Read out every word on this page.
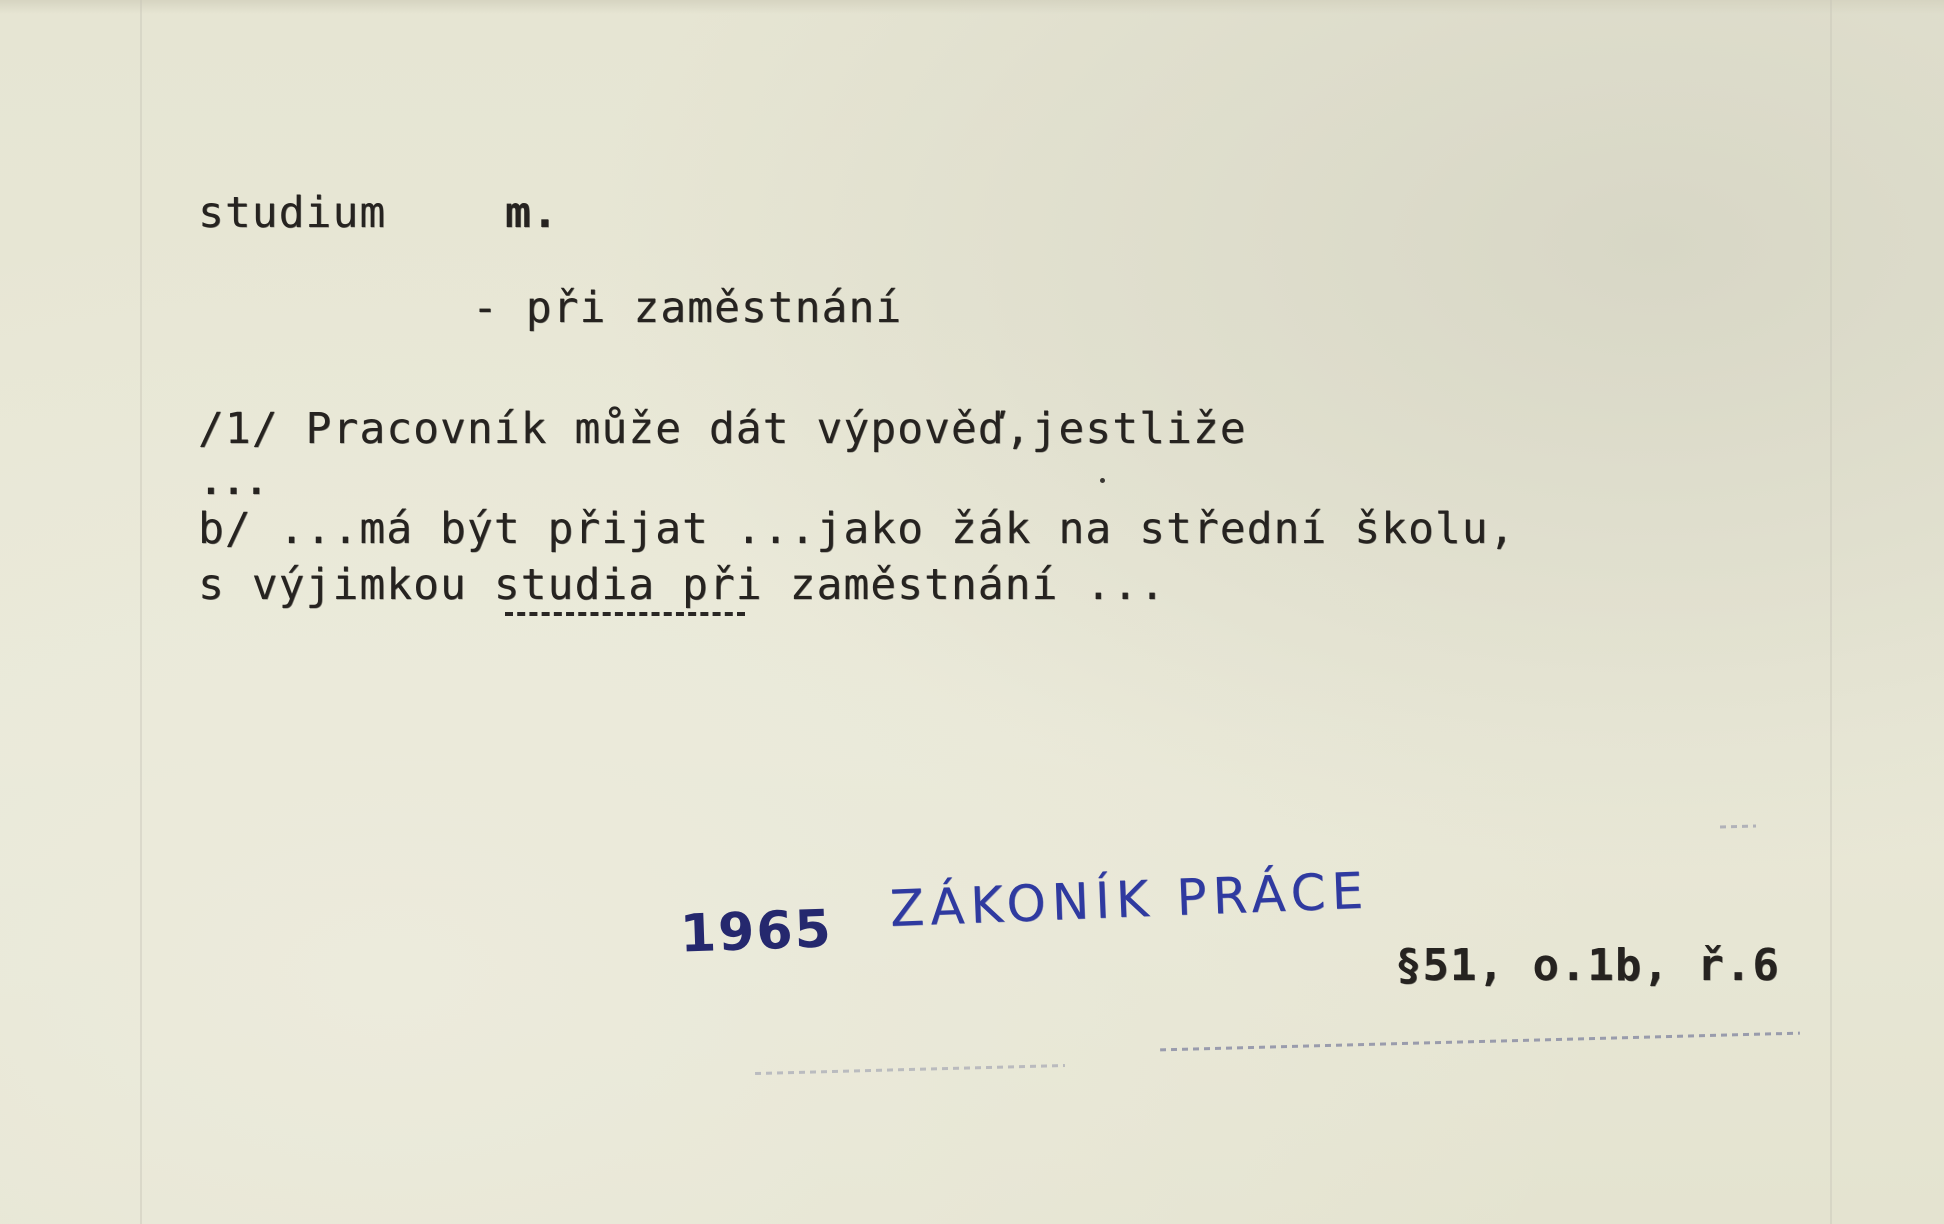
studium	m.
- při zaměstnání
/1/ Pracovník může dát výpověď,jestliže
...
b/ ...má být přijat ...jako žák na střední školu,
s výjimkou studia při zaměstnání ...
1965 ZÁKONÍK PRÁCE
§51, o.1b, ř.6
